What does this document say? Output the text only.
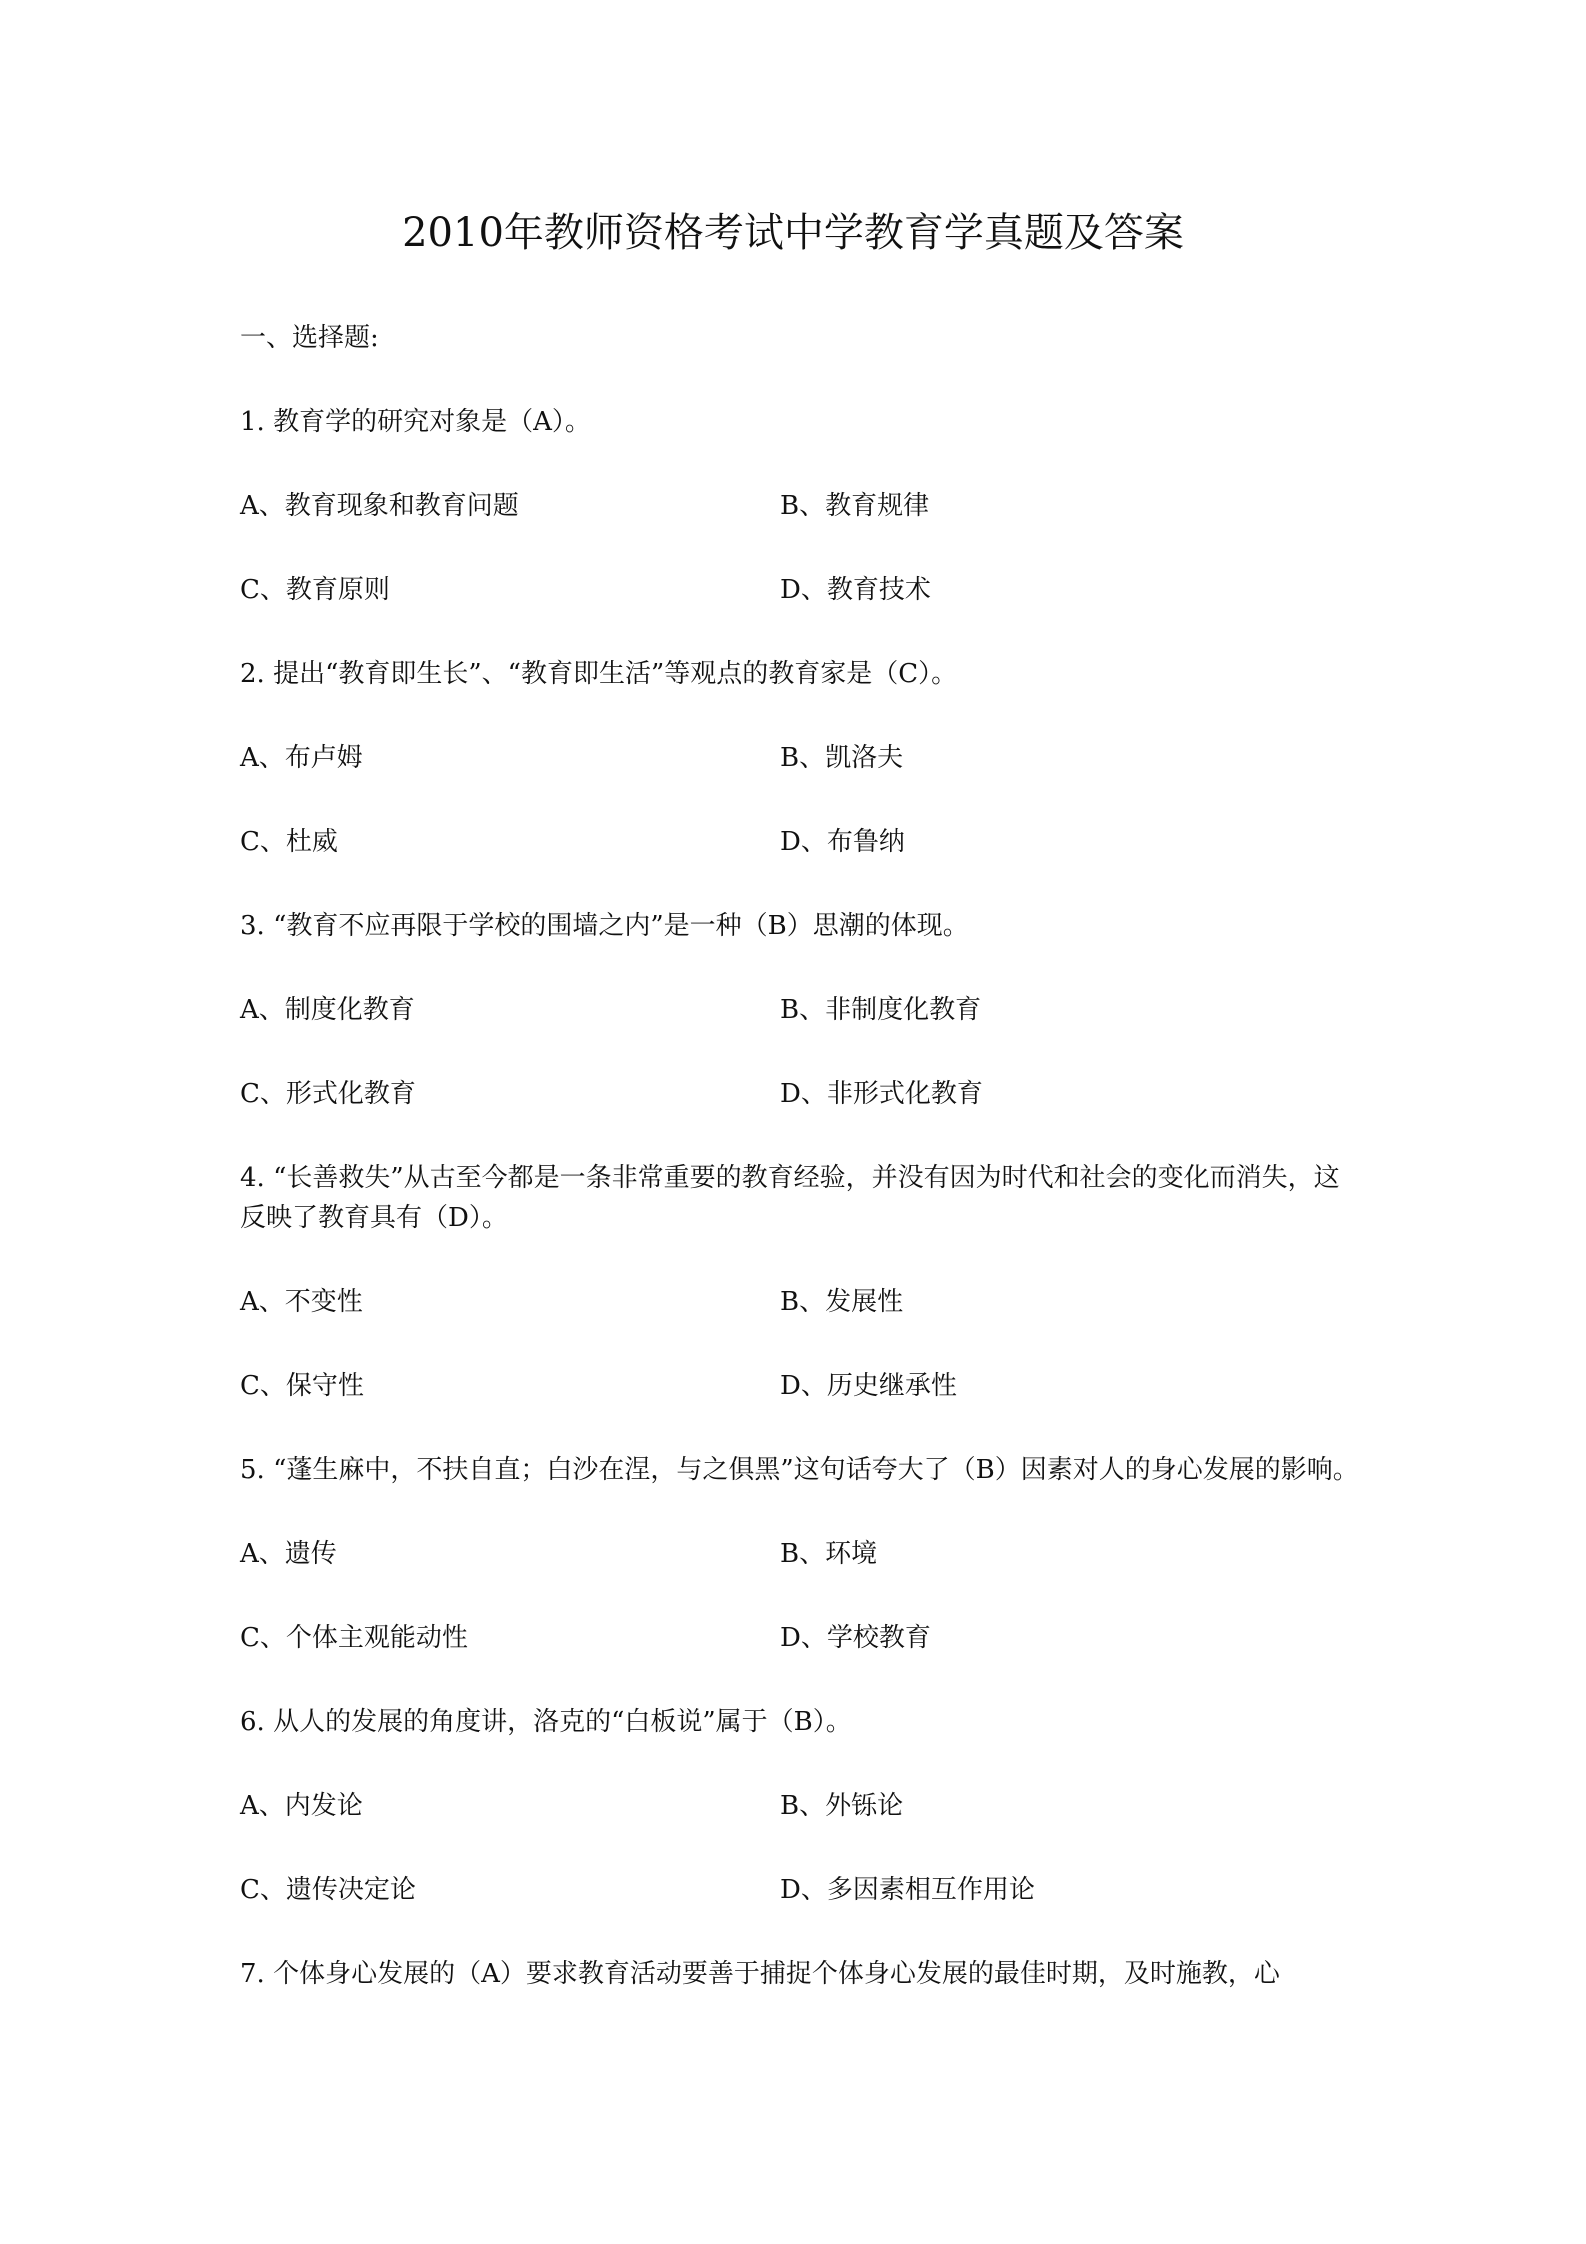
2010年教师资格考试中学教育学真题及答案
一、选择题:
1. 教育学的研究对象是（A）。
A、教育现象和教育问题	B、教育规律
C、教育原则	D、教育技术
2. 提出“教育即生长”、“教育即生活”等观点的教育家是（C）。
A、布卢姆	B、凯洛夫
C、杜威	D、布鲁纳
3. “教育不应再限于学校的围墙之内”是一种（B）思潮的体现。
A、制度化教育	B、非制度化教育
C、形式化教育	D、非形式化教育
4. “长善救失”从古至今都是一条非常重要的教育经验，并没有因为时代和社会的变化而消失，这反映了教育具有（D）。
A、不变性	B、发展性
C、保守性	D、历史继承性
5. “蓬生麻中，不扶自直；白沙在涅，与之俱黑”这句话夸大了（B）因素对人的身心发展的影响。
A、遗传	B、环境
C、个体主观能动性	D、学校教育
6. 从人的发展的角度讲，洛克的“白板说”属于（B）。
A、内发论	B、外铄论
C、遗传决定论	D、多因素相互作用论
7. 个体身心发展的（A）要求教育活动要善于捕捉个体身心发展的最佳时期，及时施教，心
